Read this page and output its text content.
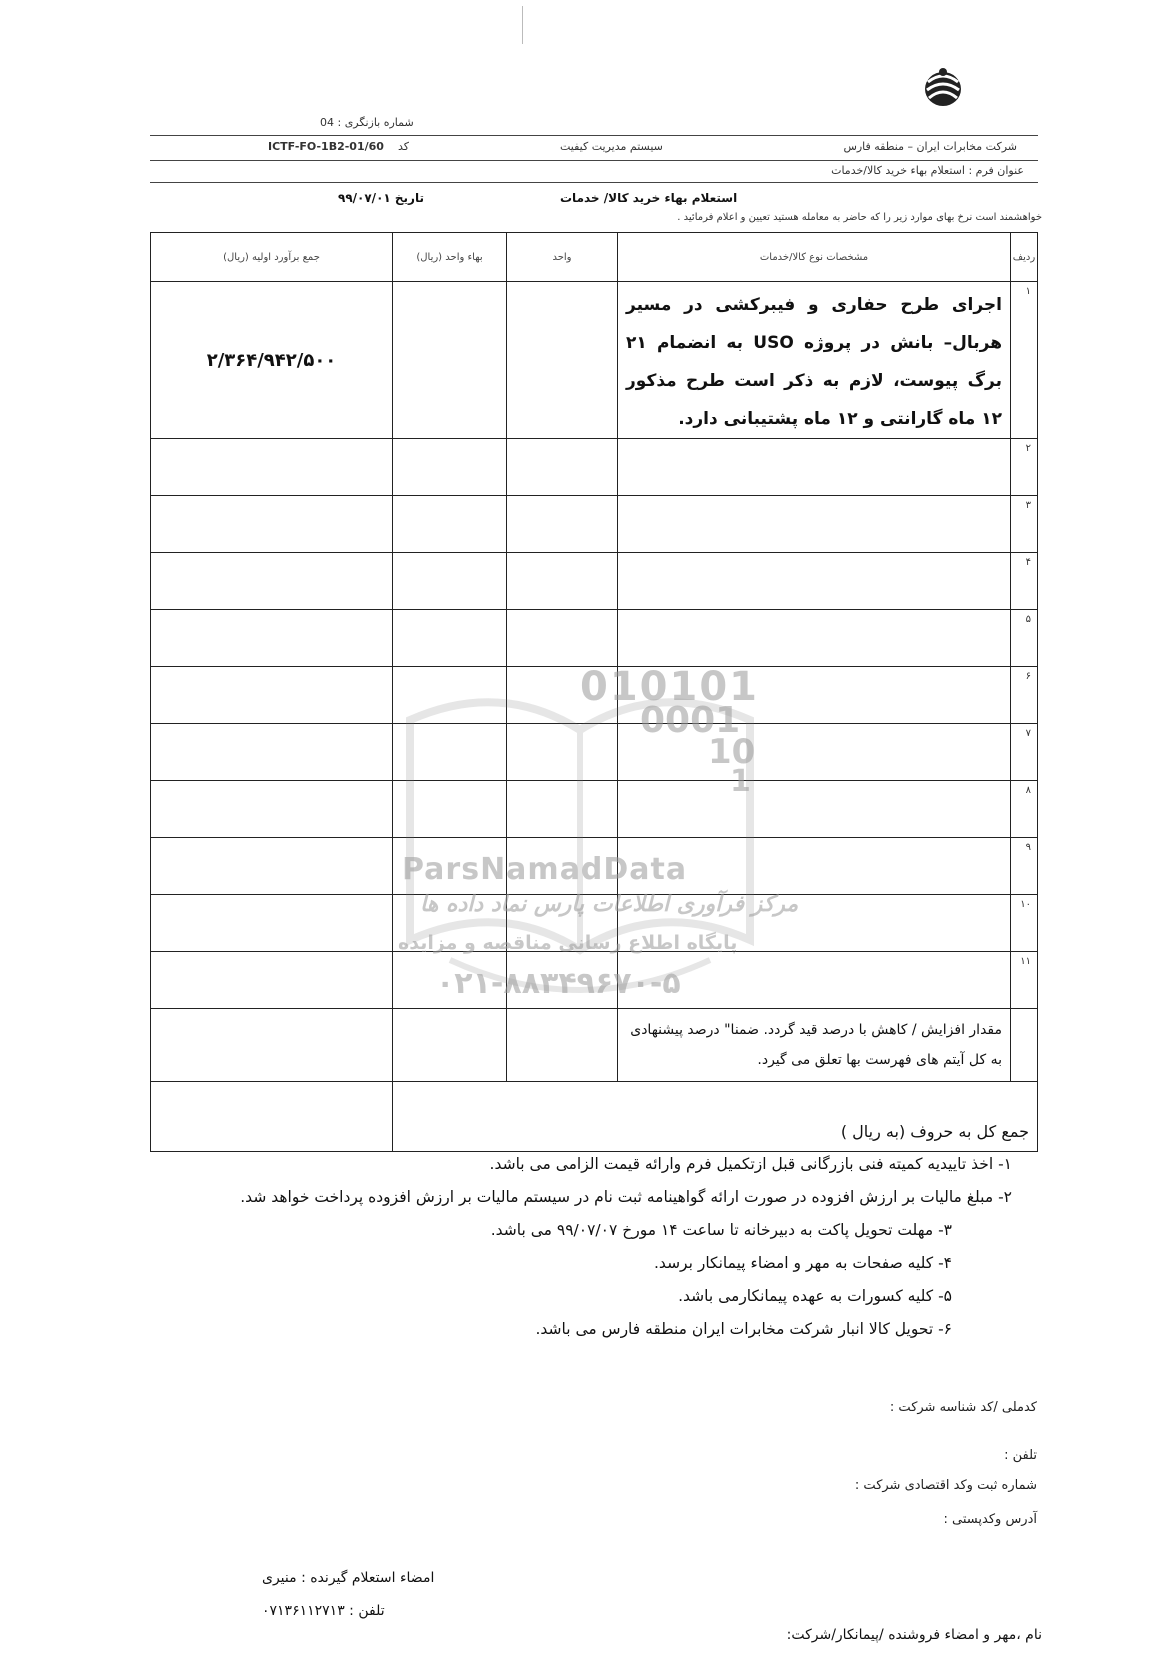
شماره بازنگری : 04
شرکت مخابرات ایران – منطقه فارس
سیستم مدیریت کیفیت
ICTF-FO-1B2-01/60 کد
عنوان فرم : استعلام بهاء خرید کالا/خدمات
استعلام بهاء خرید کالا/ خدمات
تاریخ ۹۹/۰۷/۰۱
خواهشمند است نرخ بهای موارد زیر را که حاضر به معامله هستید تعیین و اعلام فرمائید .
ردیف	مشخصات نوع کالا/خدمات	واحد	بهاء واحد (ریال)	جمع برآورد اولیه (ریال)
۱	اجرای طرح حفاری و فیبرکشی در مسیر هربال– بانش در پروژه USO به انضمام ۲۱ برگ پیوست، لازم به ذکر است طرح مذکور ۱۲ ماه گارانتی و ۱۲ ماه پشتیبانی دارد.			۲/۳۶۴/۹۴۲/۵۰۰
۲				
۳				
۴				
۵				
۶				
۷				
۸				
۹				
۱۰				
۱۱				
	مقدار افزایش / کاهش با درصد قید گردد. ضمنا" درصد پیشنهادی به کل آیتم های فهرست بها تعلق می گیرد.			
جمع کل به حروف (به ریال )				
010101
0001
10
1
ParsNamadData
مرکز فرآوری اطلاعات پارس نماد داده ها
پایگاه اطلاع رسانی مناقصه و مزایده
۰۲۱-۸۸۳۴۹۶۷۰-۵
۱- اخذ تاییدیه کمیته فنی بازرگانی قبل ازتکمیل فرم وارائه قیمت الزامی می باشد.
۲- مبلغ مالیات بر ارزش افزوده در صورت ارائه گواهینامه ثبت نام در سیستم مالیات بر ارزش افزوده پرداخت خواهد شد.
۳- مهلت تحویل پاکت به دبیرخانه تا ساعت ۱۴ مورخ ۹۹/۰۷/۰۷ می باشد.
۴- کلیه صفحات به مهر و امضاء پیمانکار برسد.
۵- کلیه کسورات به عهده پیمانکارمی باشد.
۶- تحویل کالا انبار شرکت مخابرات ایران منطقه فارس می باشد.
کدملی /کد شناسه شرکت :
تلفن :
شماره ثبت وکد اقتصادی شرکت :
آدرس وکدپستی :
امضاء استعلام گیرنده : منیری
تلفن : ۰۷۱۳۶۱۱۲۷۱۳
نام ،مهر و امضاء فروشنده /پیمانکار/شرکت:
